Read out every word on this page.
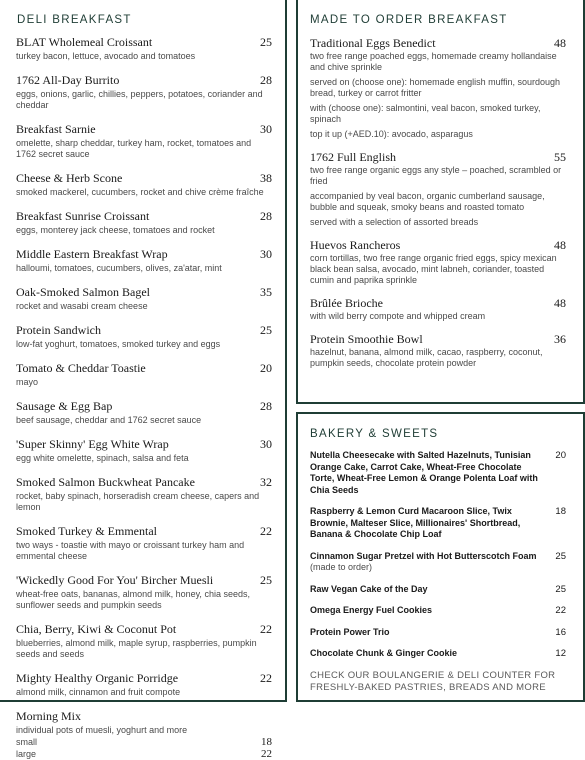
DELI BREAKFAST
BLAT Wholemeal Croissant	25
turkey bacon, lettuce, avocado and tomatoes
1762 All-Day Burrito	28
eggs, onions, garlic, chillies, peppers, potatoes, coriander and cheddar
Breakfast Sarnie	30
omelette, sharp cheddar, turkey ham, rocket, tomatoes and 1762 secret sauce
Cheese & Herb Scone	38
smoked mackerel, cucumbers, rocket and chive crème fraîche
Breakfast Sunrise Croissant	28
eggs, monterey jack cheese, tomatoes and rocket
Middle Eastern Breakfast Wrap	30
halloumi, tomatoes, cucumbers, olives, za'atar, mint
Oak-Smoked Salmon Bagel	35
rocket and wasabi cream cheese
Protein Sandwich	25
low-fat yoghurt, tomatoes, smoked turkey and eggs
Tomato & Cheddar Toastie	20
mayo
Sausage & Egg Bap	28
beef sausage, cheddar and 1762 secret sauce
'Super Skinny' Egg White Wrap	30
egg white omelette, spinach, salsa and feta
Smoked Salmon Buckwheat Pancake	32
rocket, baby spinach, horseradish cream cheese, capers and lemon
Smoked Turkey & Emmental	22
two ways - toastie with mayo or croissant turkey ham and emmental cheese
'Wickedly Good For You' Bircher Muesli	25
wheat-free oats, bananas, almond milk, honey, chia seeds, sunflower seeds and pumpkin seeds
Chia, Berry, Kiwi & Coconut Pot	22
blueberries, almond milk, maple syrup, raspberries, pumpkin seeds and seeds
Mighty Healthy Organic Porridge	22
almond milk, cinnamon and fruit compote
Morning Mix
individual pots of muesli, yoghurt and more
small	18
large	22
MADE TO ORDER BREAKFAST
Traditional Eggs Benedict	48
two free range poached eggs, homemade creamy hollandaise and chive sprinkle
served on (choose one): homemade english muffin, sourdough bread, turkey or carrot fritter
with (choose one): salmontini, veal bacon, smoked turkey, spinach
top it up (+AED.10): avocado, asparagus
1762 Full English	55
two free range organic eggs any style – poached, scrambled or fried
accompanied by veal bacon, organic cumberland sausage, bubble and squeak, smoky beans and roasted tomato
served with a selection of assorted breads
Huevos Rancheros	48
corn tortillas, two free range organic fried eggs, spicy mexican black bean salsa, avocado, mint labneh, coriander, toasted cumin and paprika sprinkle
Brûlée Brioche	48
with wild berry compote and whipped cream
Protein Smoothie Bowl	36
hazelnut, banana, almond milk, cacao, raspberry, coconut, pumpkin seeds, chocolate protein powder
BAKERY & SWEETS
Nutella Cheesecake with Salted Hazelnuts, Tunisian Orange Cake, Carrot Cake, Wheat-Free Chocolate Torte, Wheat-Free Lemon & Orange Polenta Loaf with Chia Seeds
20
Raspberry & Lemon Curd Macaroon Slice, Twix Brownie, Malteser Slice, Millionaires' Shortbread, Banana & Chocolate Chip Loaf
18
Cinnamon Sugar Pretzel with Hot Butterscotch Foam
(made to order)
25
Raw Vegan Cake of the Day	25
Omega Energy Fuel Cookies	22
Protein Power Trio	16
Chocolate Chunk & Ginger Cookie	12
CHECK OUR BOULANGERIE & DELI COUNTER FOR FRESHLY-BAKED PASTRIES, BREADS AND MORE
